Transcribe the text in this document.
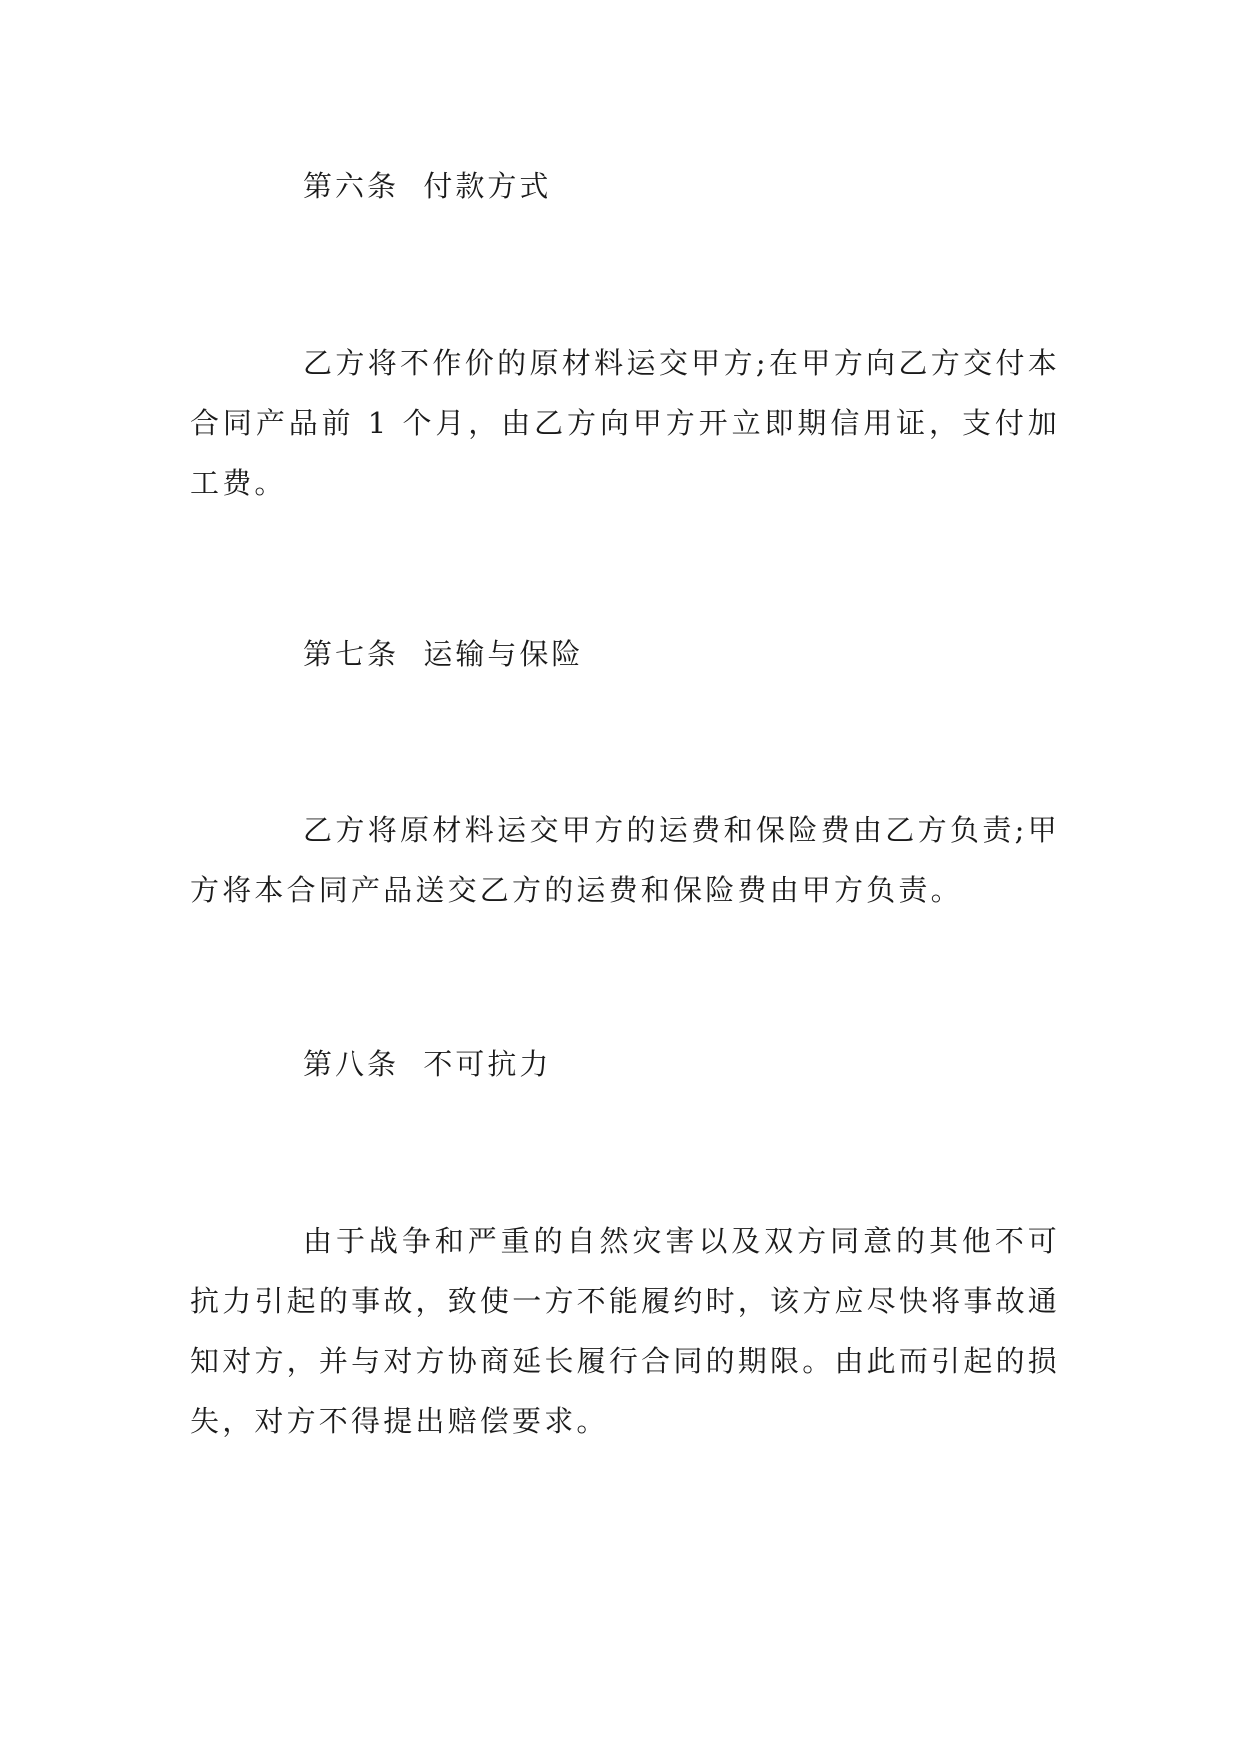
第六条  付款方式

乙方将不作价的原材料运交甲方;在甲方向乙方交付本合同产品前 1 个月，由乙方向甲方开立即期信用证，支付加工费。

第七条  运输与保险

乙方将原材料运交甲方的运费和保险费由乙方负责;甲方将本合同产品送交乙方的运费和保险费由甲方负责。

第八条  不可抗力

由于战争和严重的自然灾害以及双方同意的其他不可抗力引起的事故，致使一方不能履约时，该方应尽快将事故通知对方，并与对方协商延长履行合同的期限。由此而引起的损失，对方不得提出赔偿要求。
